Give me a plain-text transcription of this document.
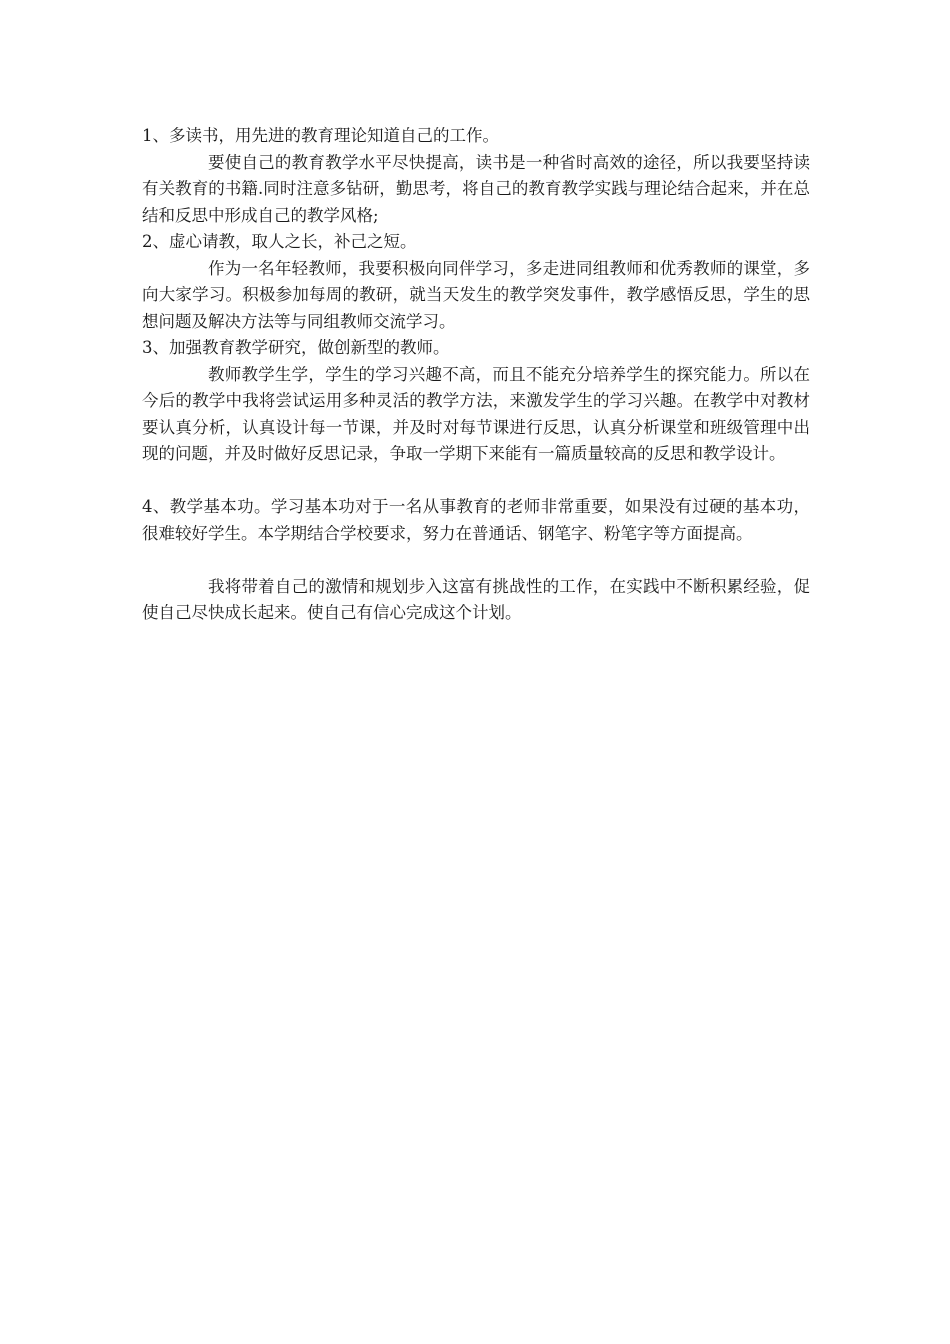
1、多读书，用先进的教育理论知道自己的工作。

要使自己的教育教学水平尽快提高，读书是一种省时高效的途径，所以我要坚持读有关教育的书籍.同时注意多钻研，勤思考，将自己的教育教学实践与理论结合起来，并在总结和反思中形成自己的教学风格;

2、虚心请教，取人之长，补己之短。

作为一名年轻教师，我要积极向同伴学习，多走进同组教师和优秀教师的课堂，多向大家学习。积极参加每周的教研，就当天发生的教学突发事件，教学感悟反思，学生的思想问题及解决方法等与同组教师交流学习。

3、加强教育教学研究，做创新型的教师。

教师教学生学，学生的学习兴趣不高，而且不能充分培养学生的探究能力。所以在今后的教学中我将尝试运用多种灵活的教学方法，来激发学生的学习兴趣。在教学中对教材要认真分析，认真设计每一节课，并及时对每节课进行反思，认真分析课堂和班级管理中出现的问题，并及时做好反思记录，争取一学期下来能有一篇质量较高的反思和教学设计。

4、教学基本功。学习基本功对于一名从事教育的老师非常重要，如果没有过硬的基本功，很难较好学生。本学期结合学校要求，努力在普通话、钢笔字、粉笔字等方面提高。

我将带着自己的激情和规划步入这富有挑战性的工作，在实践中不断积累经验，促使自己尽快成长起来。使自己有信心完成这个计划。
